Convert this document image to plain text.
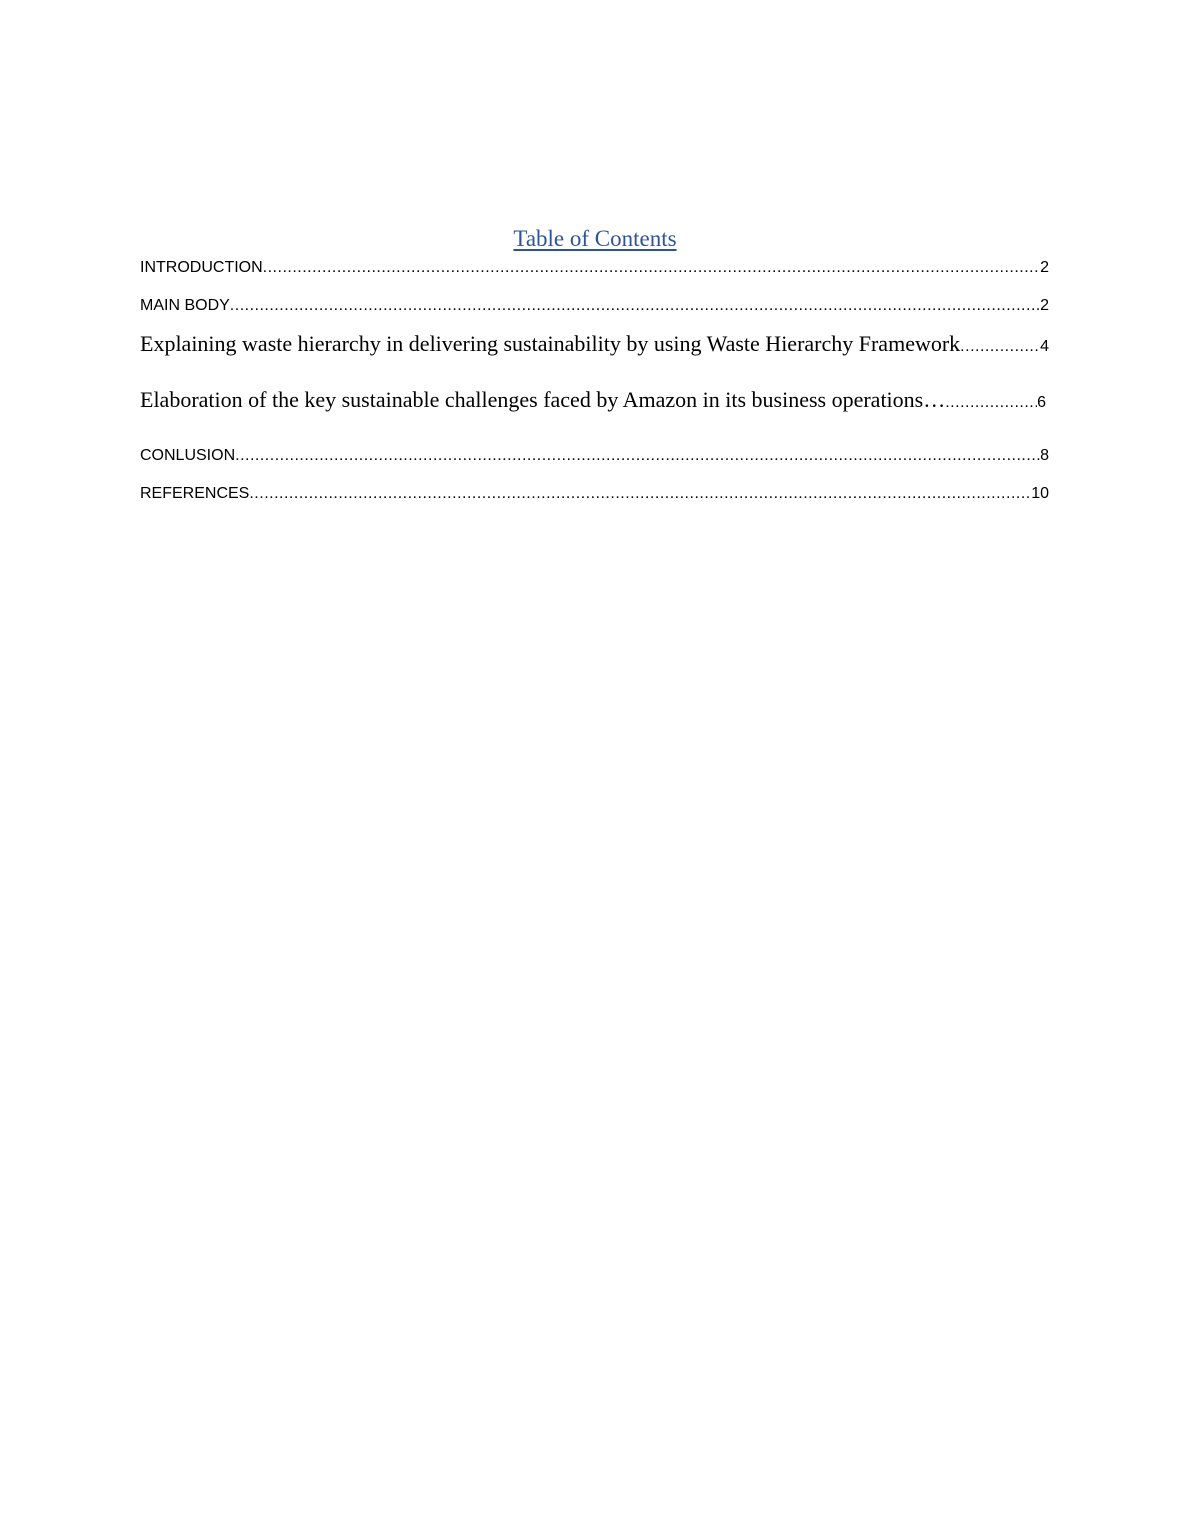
Table of Contents
INTRODUCTION .....	2
MAIN BODY .....	2
Explaining waste hierarchy in delivering sustainability by using Waste Hierarchy Framework .....	4
Elaboration of the key sustainable challenges faced by Amazon in its business operations… .....	6
CONLUSION .....	8
REFERENCES .....	10
